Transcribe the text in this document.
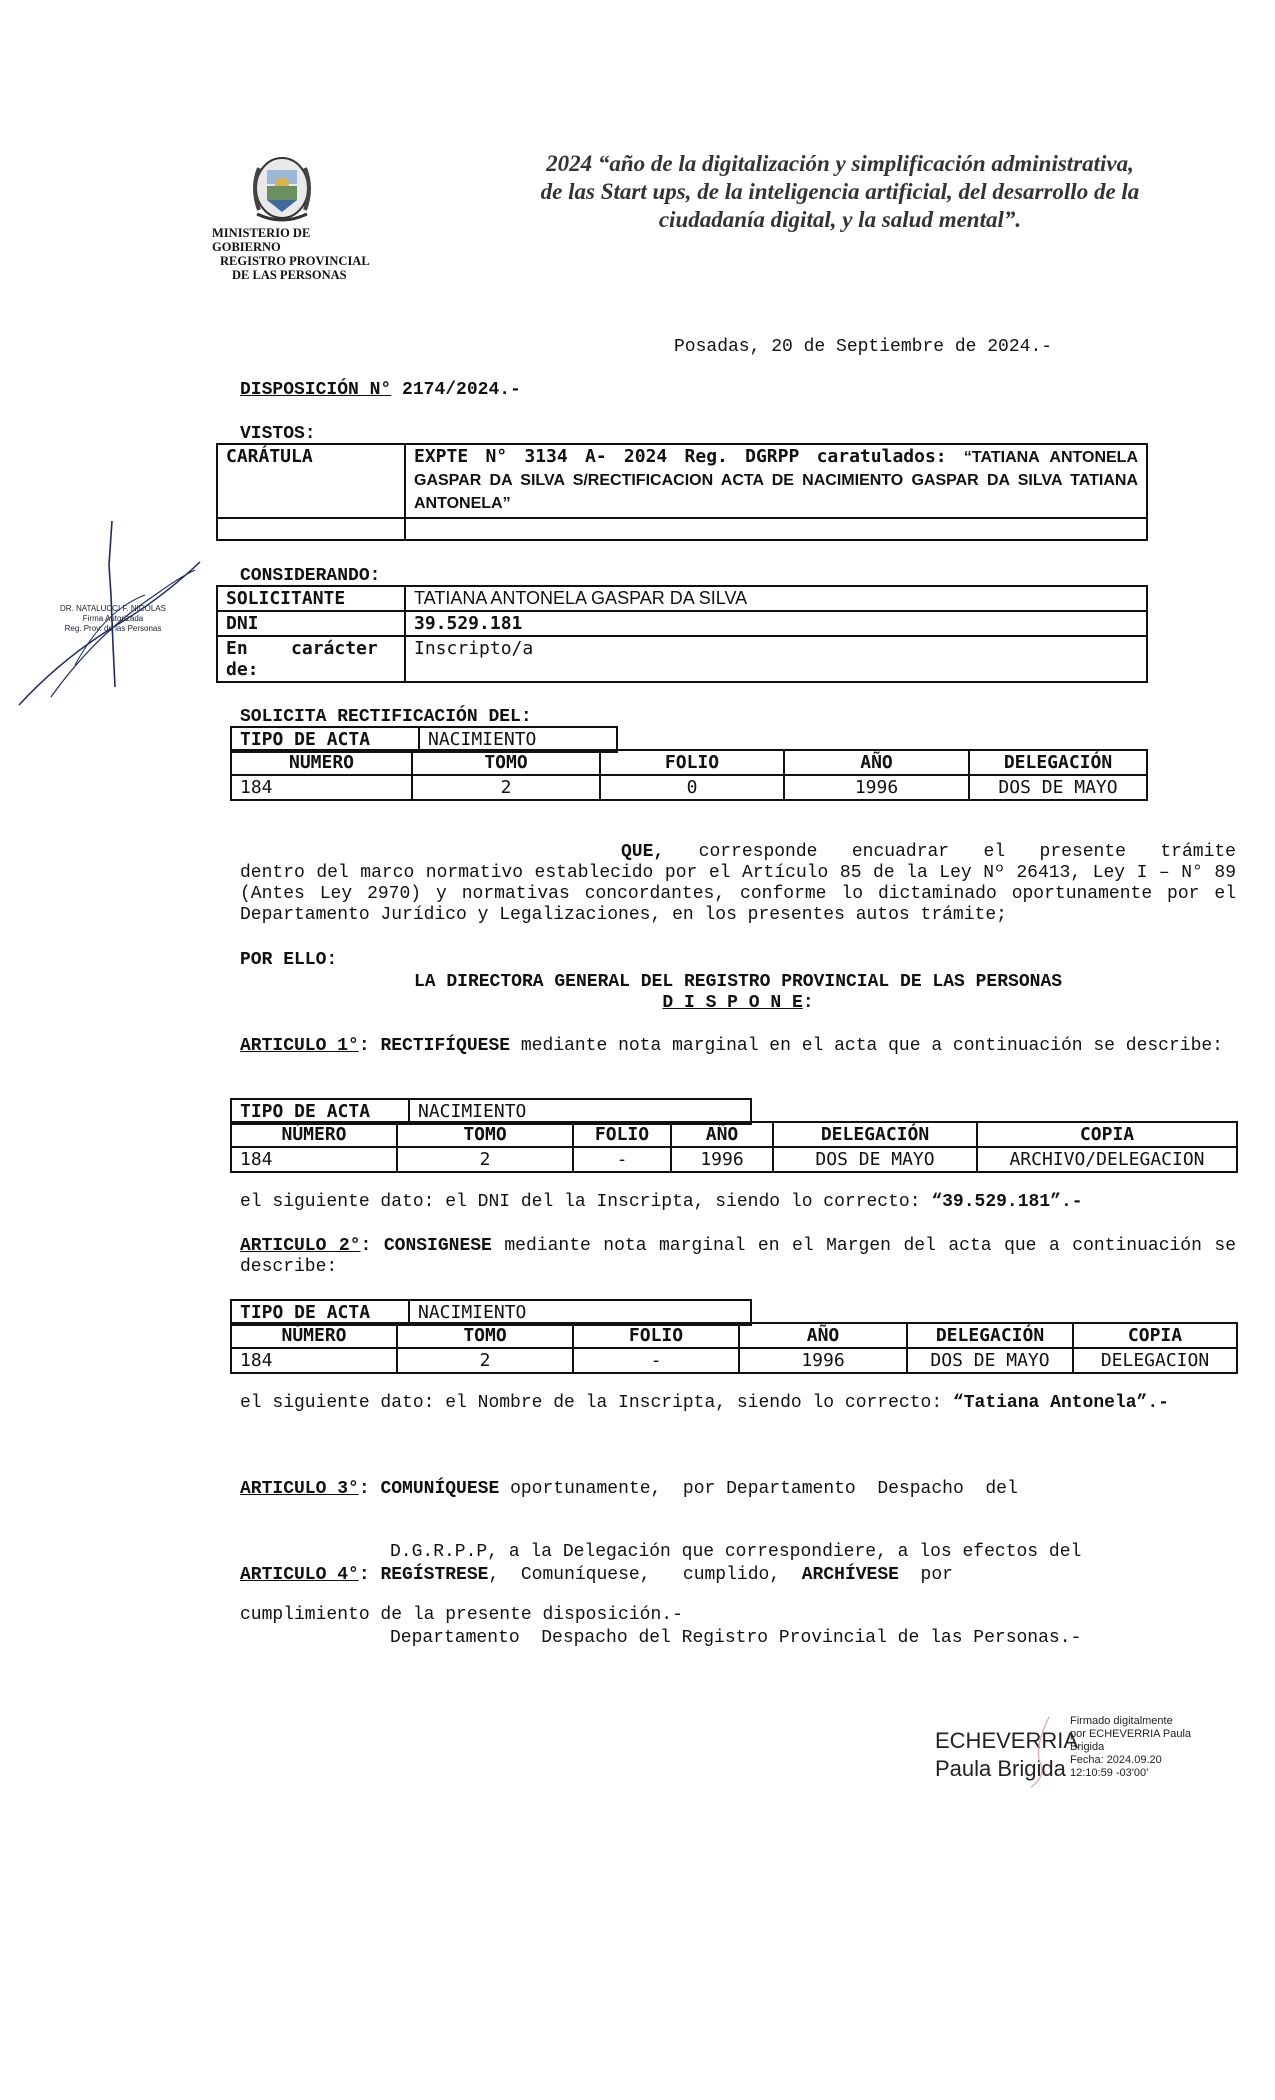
MINISTERIO DE GOBIERNO
REGISTRO PROVINCIAL
DE LAS PERSONAS
2024 “año de la digitalización y simplificación administrativa,
de las Start ups, de la inteligencia artificial, del desarrollo de la
ciudadanía digital, y la salud mental”.
Posadas, 20 de Septiembre de 2024.-
DISPOSICIÓN N° 2174/2024.-
VISTOS:
CARÁTULA	EXPTE N° 3134 A- 2024 Reg. DGRPP caratulados: “TATIANA ANTONELA GASPAR DA SILVA S/RECTIFICACION ACTA DE NACIMIENTO GASPAR DA SILVA TATIANA ANTONELA”

CONSIDERANDO:
SOLICITANTE	TATIANA ANTONELA GASPAR DA SILVA
DNI	39.529.181

En    carácter
de:	Inscripto/a
SOLICITA RECTIFICACIÓN DEL:
TIPO DE ACTA	NACIMIENTO
NUMERO	TOMO	FOLIO	AÑO	DELEGACIÓN
184	2	0	1996	DOS DE MAYO
QUE, corresponde encuadrar el presente trámite
dentro del marco normativo establecido por el Artículo 85 de la Ley Nº 26413, Ley I – N° 89 (Antes Ley 2970) y normativas concordantes, conforme lo dictaminado oportunamente por el Departamento Jurídico y Legalizaciones, en los presentes autos trámite;
POR ELLO:
LA DIRECTORA GENERAL DEL REGISTRO PROVINCIAL DE LAS PERSONAS
D I S P O N E:
ARTICULO 1°: RECTIFÍQUESE mediante nota marginal en el acta que a continuación se describe:
TIPO DE ACTA	NACIMIENTO
NÚMERO	TOMO	FOLIO	AÑO	DELEGACIÓN	COPIA
184	2	-	1996	DOS DE MAYO	ARCHIVO/DELEGACION
el siguiente dato: el DNI del la Inscripta, siendo lo correcto: “39.529.181”.-
ARTICULO 2°: CONSIGNESE mediante nota marginal en el Margen del acta que a continuación se describe:
TIPO DE ACTA	NACIMIENTO
NÚMERO	TOMO	FOLIO	AÑO	DELEGACIÓN	COPIA
184	2	-	1996	DOS DE MAYO	DELEGACION
el siguiente dato: el Nombre de la Inscripta, siendo lo correcto: “Tatiana Antonela”.-

ARTICULO 3°: COMUNÍQUESE oportunamente,  por Departamento  Despacho  del

D.G.R.P.P, a la Delegación que correspondiere, a los efectos del

cumplimiento de la presente disposición.-

ARTICULO 4°: REGÍSTRESE,  Comuníquese,   cumplido,  ARCHÍVESE  por

Departamento  Despacho del Registro Provincial de las Personas.-

DR. NATALUCCI F. NICOLAS
Firma Autorizada
Reg. Prov. de las Personas
ECHEVERRIA
Paula Brigida
Firmado digitalmente
por ECHEVERRIA Paula
Brigida
Fecha: 2024.09.20
12:10:59 -03'00'
